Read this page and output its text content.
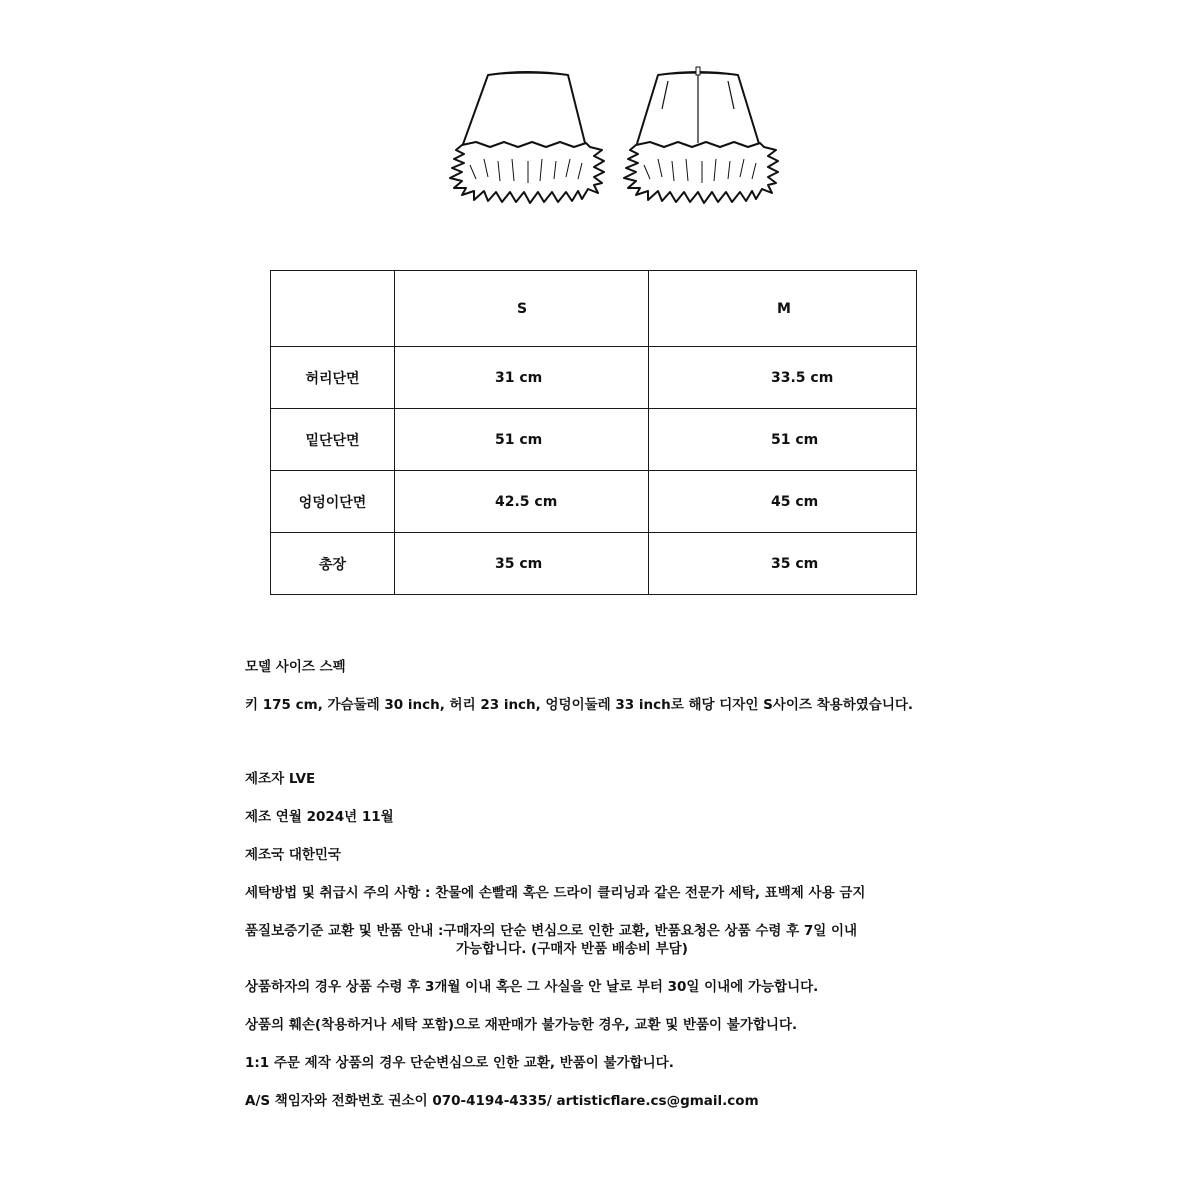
	S	M
허리단면	31 cm	33.5 cm
밑단단면	51 cm	51 cm
엉덩이단면	42.5 cm	45 cm
총장	35 cm	35 cm

모델 사이즈 스펙

키 175 cm, 가슴둘레 30 inch, 허리 23 inch, 엉덩이둘레 33 inch로 해당 디자인 S사이즈 착용하였습니다.

제조자 LVE

제조 연월 2024년 11월

제조국 대한민국

세탁방법 및 취급시 주의 사항 : 찬물에 손빨래 혹은 드라이 클리닝과 같은 전문가 세탁, 표백제 사용 금지

품질보증기준 교환 및 반품 안내 :구매자의 단순 변심으로 인한 교환, 반품요청은 상품 수령 후 7일 이내

가능합니다. (구매자 반품 배송비 부담)

상품하자의 경우 상품 수령 후 3개월 이내 혹은 그 사실을 안 날로 부터 30일 이내에 가능합니다.

상품의 훼손(착용하거나 세탁 포함)으로 재판매가 불가능한 경우, 교환 및 반품이 불가합니다.

1:1 주문 제작 상품의 경우 단순변심으로 인한 교환, 반품이 불가합니다.

A/S 책임자와 전화번호 권소이 070-4194-4335/ artisticflare.cs@gmail.com
